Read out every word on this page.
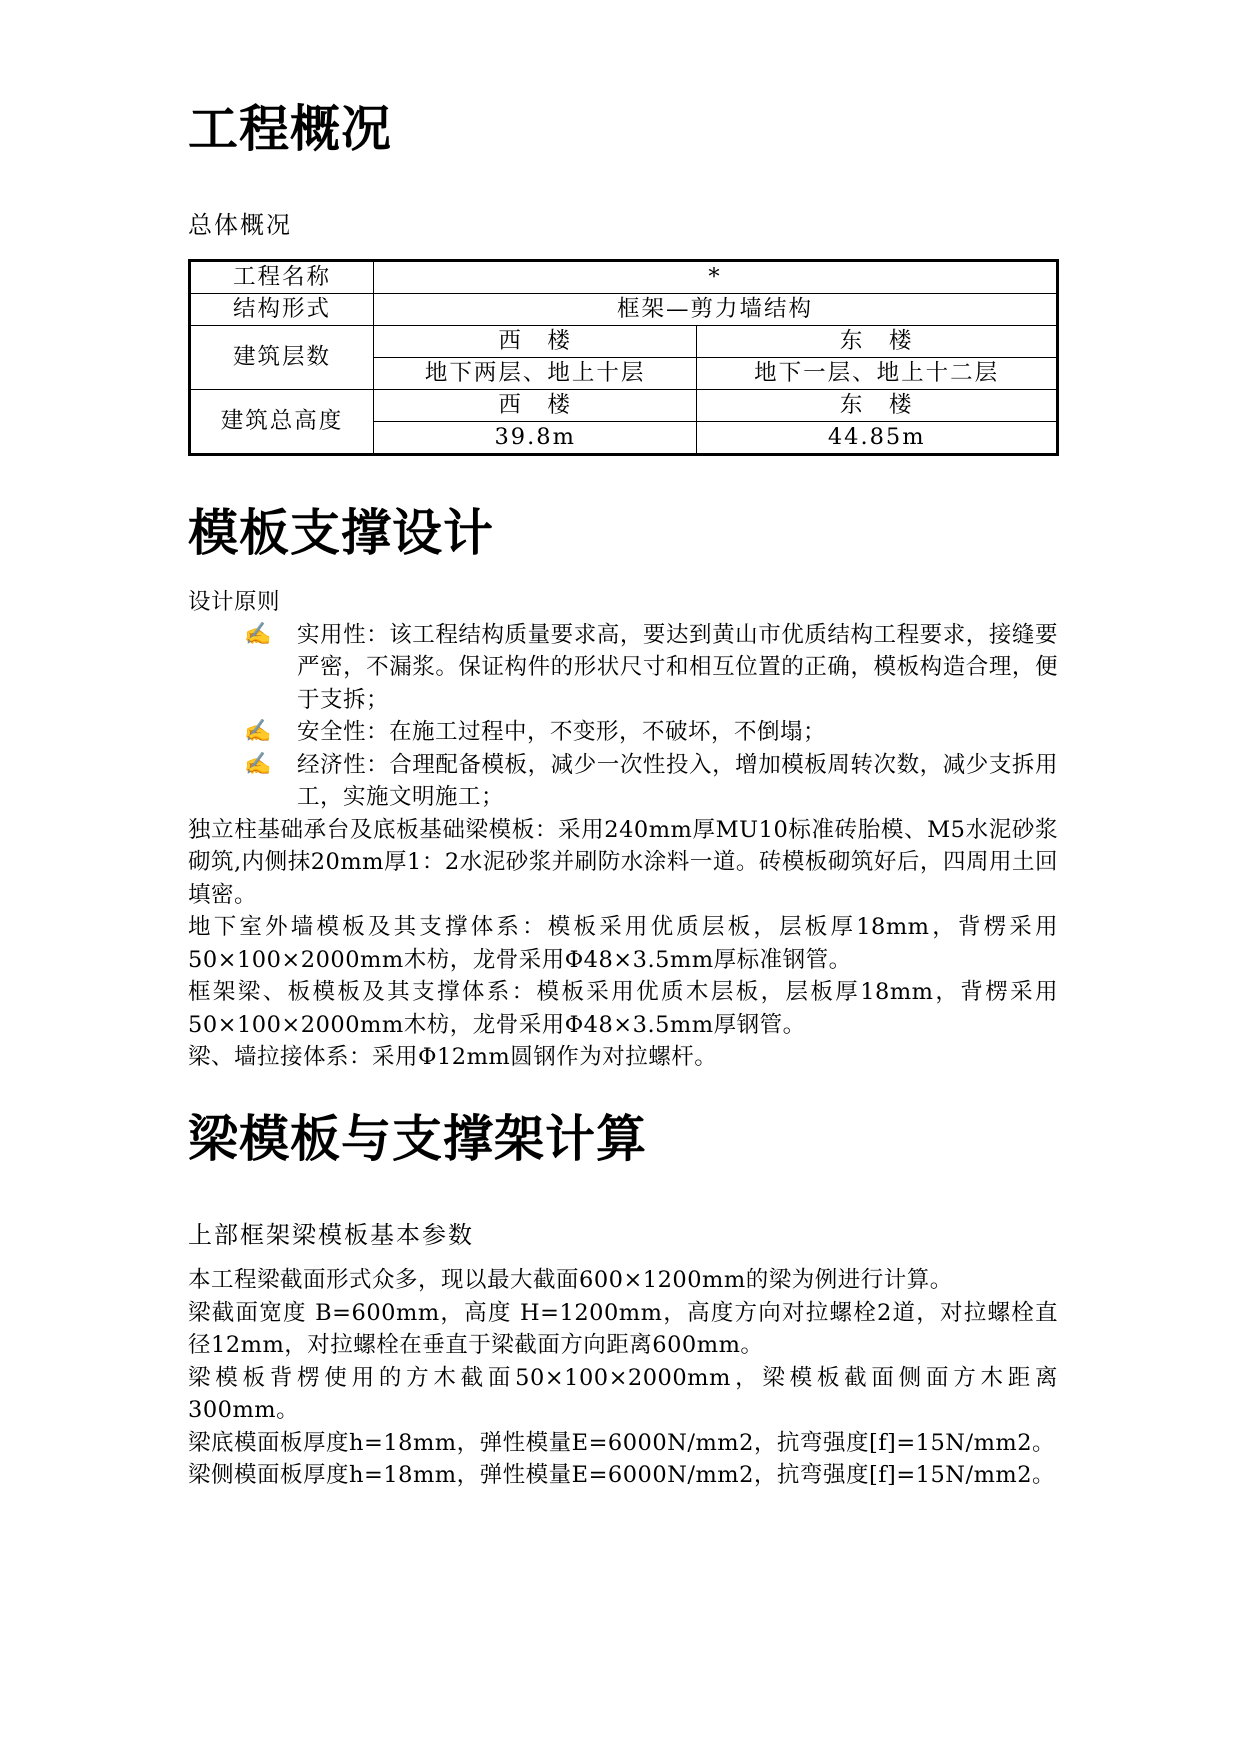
工程概况
总体概况
工程名称	*	
结构形式	框架—剪力墙结构	
建筑层数	西　楼	东　楼
	地下两层、地上十层	地下一层、地上十二层
建筑总高度	西　楼	东　楼
	39.8m	44.85m
模板支撑设计

设计原则

✍ 实用性：该工程结构质量要求高，要达到黄山市优质结构工程要求，接缝要严密，不漏浆。保证构件的形状尺寸和相互位置的正确，模板构造合理，便于支拆；
✍ 安全性：在施工过程中，不变形，不破坏，不倒塌；
✍ 经济性：合理配备模板，减少一次性投入，增加模板周转次数，减少支拆用工，实施文明施工；

独立柱基础承台及底板基础梁模板：采用240mm厚MU10标准砖胎模、M5水泥砂浆砌筑,内侧抹20mm厚1：2水泥砂浆并刷防水涂料一道。砖模板砌筑好后，四周用土回填密。

地下室外墙模板及其支撑体系：模板采用优质层板，层板厚18mm，背楞采用50×100×2000mm木枋，龙骨采用Φ48×3.5mm厚标准钢管。

框架梁、板模板及其支撑体系：模板采用优质木层板，层板厚18mm，背楞采用50×100×2000mm木枋，龙骨采用Φ48×3.5mm厚钢管。

梁、墙拉接体系：采用Φ12mm圆钢作为对拉螺杆。

梁模板与支撑架计算
上部框架梁模板基本参数

本工程梁截面形式众多，现以最大截面600×1200mm的梁为例进行计算。

梁截面宽度 B=600mm，高度 H=1200mm，高度方向对拉螺栓2道，对拉螺栓直径12mm，对拉螺栓在垂直于梁截面方向距离600mm。

梁模板背楞使用的方木截面50×100×2000mm，梁模板截面侧面方木距离300mm。

梁底模面板厚度h=18mm，弹性模量E=6000N/mm2，抗弯强度[f]=15N/mm2。

梁侧模面板厚度h=18mm，弹性模量E=6000N/mm2，抗弯强度[f]=15N/mm2。
